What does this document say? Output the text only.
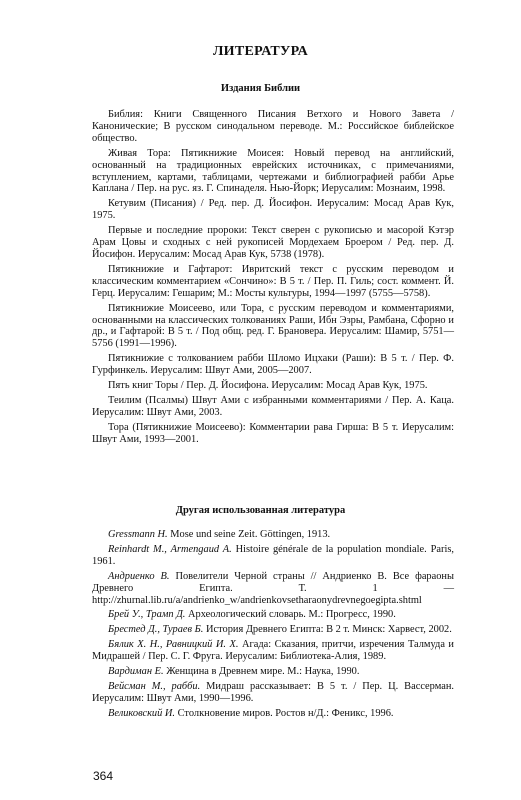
ЛИТЕРАТУРА
Издания Библии

Библия: Книги Священного Писания Ветхого и Нового Завета / Канонические; В русском синодальном переводе. М.: Российское библейское общество.

Живая Тора: Пятикнижие Моисея: Новый перевод на английский, основанный на традиционных еврейских источниках, с примечаниями, вступлением, картами, таблицами, чертежами и библиографией рабби Арье Каплана / Пер. на рус. яз. Г. Спинаделя. Нью-Йорк; Иерусалим: Мознаим, 1998.

Кетувим (Писания) / Ред. пер. Д. Йосифон. Иерусалим: Мосад Арав Кук, 1975.

Первые и последние пророки: Текст сверен с рукописью и масорой Кэтэр Арам Цовы и сходных с ней рукописей Мордехаем Броером / Ред. пер. Д. Йосифон. Иерусалим: Мосад Арав Кук, 5738 (1978).

Пятикнижие и Гафтарот: Ивритский текст с русским переводом и классическим комментарием «Сончино»: В 5 т. / Пер. П. Гиль; сост. коммент. Й. Герц. Иерусалим: Гешарим; М.: Мосты культуры, 1994—1997 (5755—5758).

Пятикнижие Моисеево, или Тора, с русским переводом и комментариями, основанными на классических толкованиях Раши, Ибн Эзры, Рамбана, Сфорно и др., и Гафтарой: В 5 т. / Под общ. ред. Г. Брановера. Иерусалим: Шамир, 5751—5756 (1991—1996).

Пятикнижие с толкованием рабби Шломо Ицхаки (Раши): В 5 т. / Пер. Ф. Гурфинкель. Иерусалим: Швут Ами, 2005—2007.

Пять книг Торы / Пер. Д. Йосифона. Иерусалим: Мосад Арав Кук, 1975.

Теилим (Псалмы) Швут Ами с избранными комментариями / Пер. А. Каца. Иерусалим: Швут Ами, 2003.

Тора (Пятикнижие Моисеево): Комментарии рава Гирша: В 5 т. Иерусалим: Швут Ами, 1993—2001.

Другая использованная литература

Gressmann H. Mose und seine Zeit. Göttingen, 1913.

Reinhardt M., Armengaud A. Histoire générale de la population mondiale. Paris, 1961.

Андриенко В. Повелители Черной страны // Андриенко В. Все фараоны Древнего Египта. Т. 1 — http://zhurnal.lib.ru/a/andrienko_w/andrienkovsetharaonydrevnegoegipta.shtml

Брей У., Трамп Д. Археологический словарь. М.: Прогресс, 1990.

Брестед Д., Тураев Б. История Древнего Египта: В 2 т. Минск: Харвест, 2002.

Бялик Х. Н., Равницкий И. Х. Агада: Сказания, притчи, изречения Талмуда и Мидрашей / Пер. С. Г. Фруга. Иерусалим: Библиотека-Алия, 1989.

Вардиман Е. Женщина в Древнем мире. М.: Наука, 1990.

Вейсман М., рабби. Мидраш рассказывает: В 5 т. / Пер. Ц. Вассерман. Иерусалим: Швут Ами, 1990—1996.

Великовский И. Столкновение миров. Ростов н/Д.: Феникс, 1996.

364
